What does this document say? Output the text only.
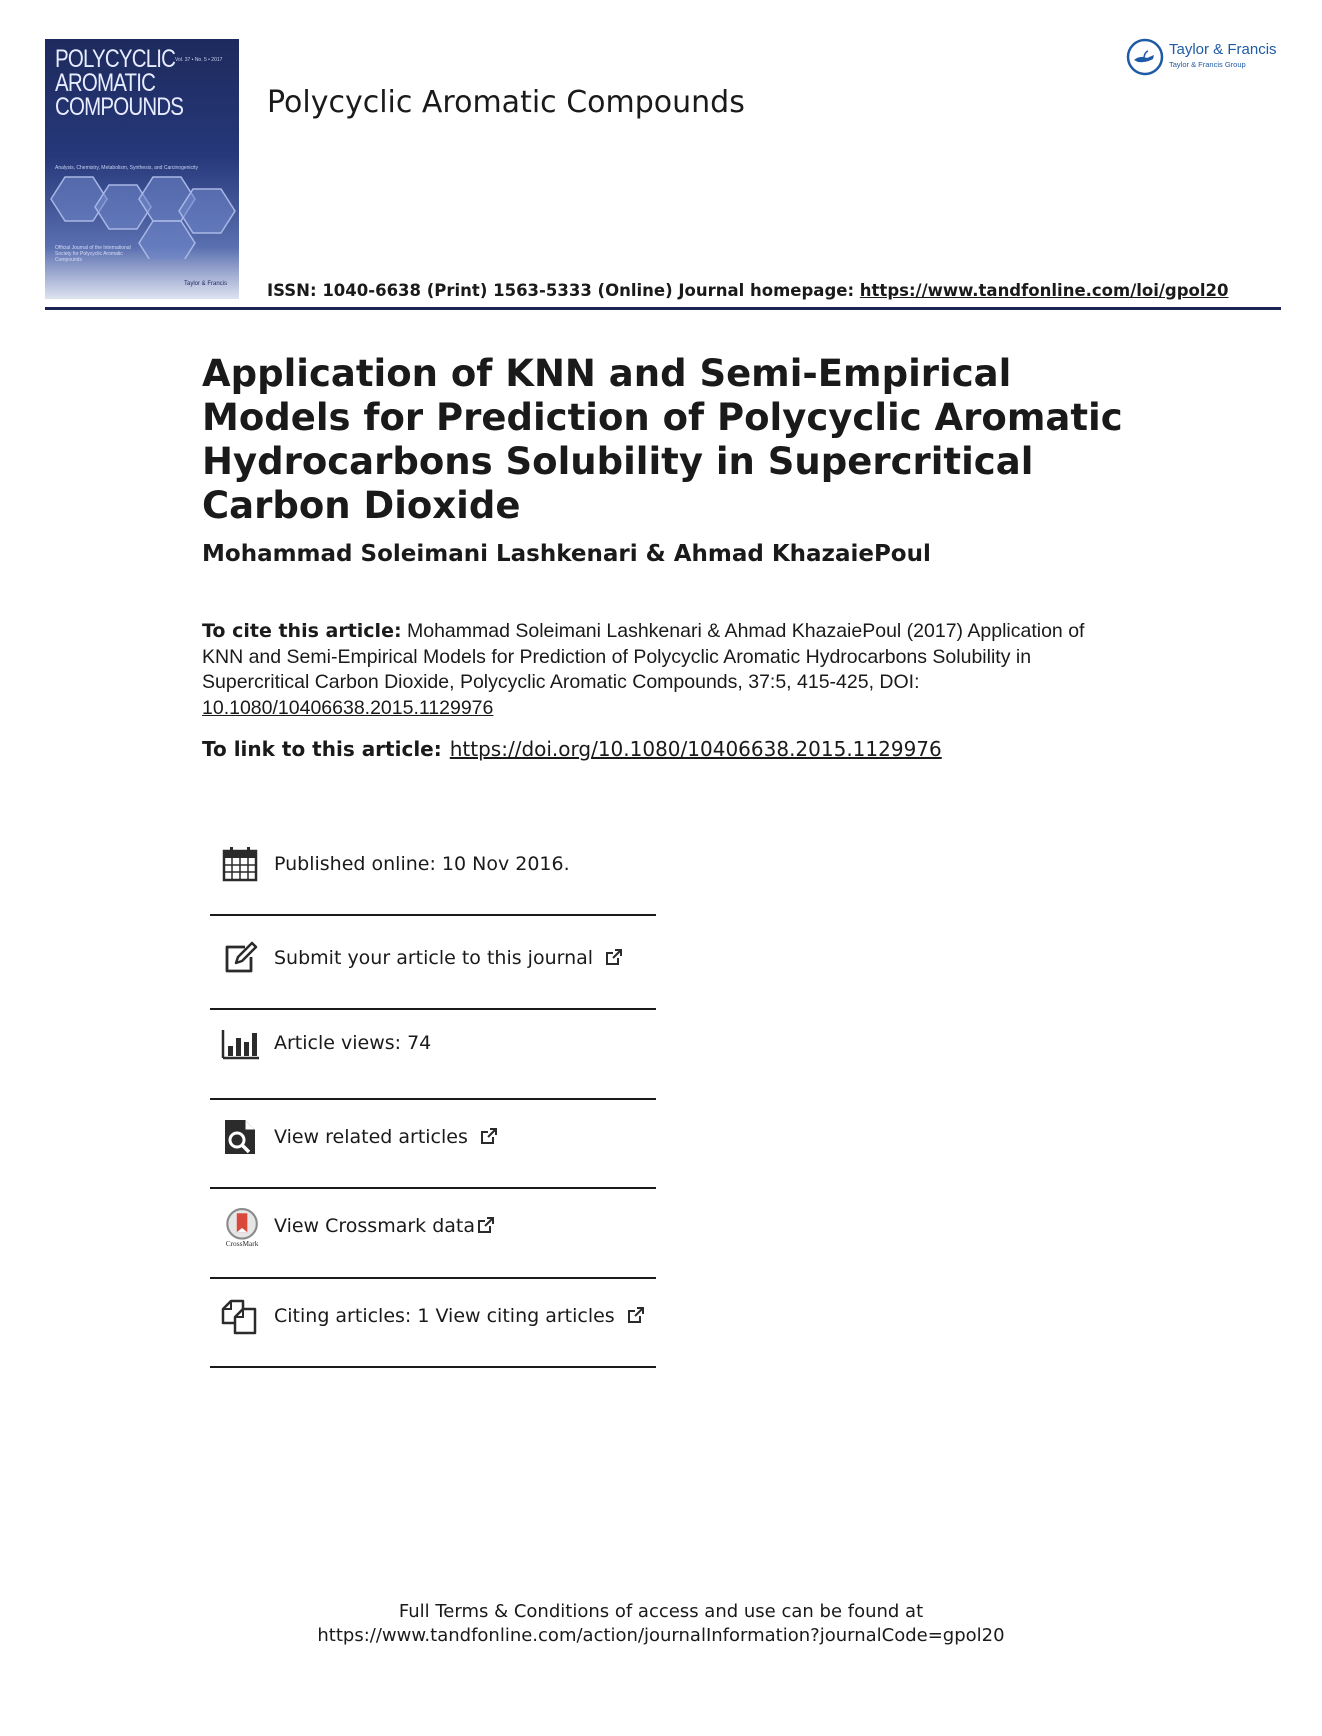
POLYCYCLIC
AROMATIC
COMPOUNDS
Vol. 37 • No. 5 • 2017
Analysis, Chemistry, Metabolism, Synthesis, and Carcinogenicity
Official Journal of the International Society for Polycyclic Aromatic Compounds
Taylor & Francis
Polycyclic Aromatic Compounds
ISSN: 1040-6638 (Print) 1563-5333 (Online) Journal homepage: https://www.tandfonline.com/loi/gpol20
Taylor & Francis
Taylor & Francis Group
Application of KNN and Semi-Empirical Models for Prediction of Polycyclic Aromatic Hydrocarbons Solubility in Supercritical Carbon Dioxide
Mohammad Soleimani Lashkenari & Ahmad KhazaiePoul
To cite this article: Mohammad Soleimani Lashkenari & Ahmad KhazaiePoul (2017) Application of KNN and Semi-Empirical Models for Prediction of Polycyclic Aromatic Hydrocarbons Solubility in Supercritical Carbon Dioxide, Polycyclic Aromatic Compounds, 37:5, 415-425, DOI: 10.1080/10406638.2015.1129976
To link to this article: https://doi.org/10.1080/10406638.2015.1129976
Published online: 10 Nov 2016.
Submit your article to this journal
Article views: 74
View related articles
CrossMark
View Crossmark data
Citing articles: 1 View citing articles
Full Terms & Conditions of access and use can be found at
https://www.tandfonline.com/action/journalInformation?journalCode=gpol20
